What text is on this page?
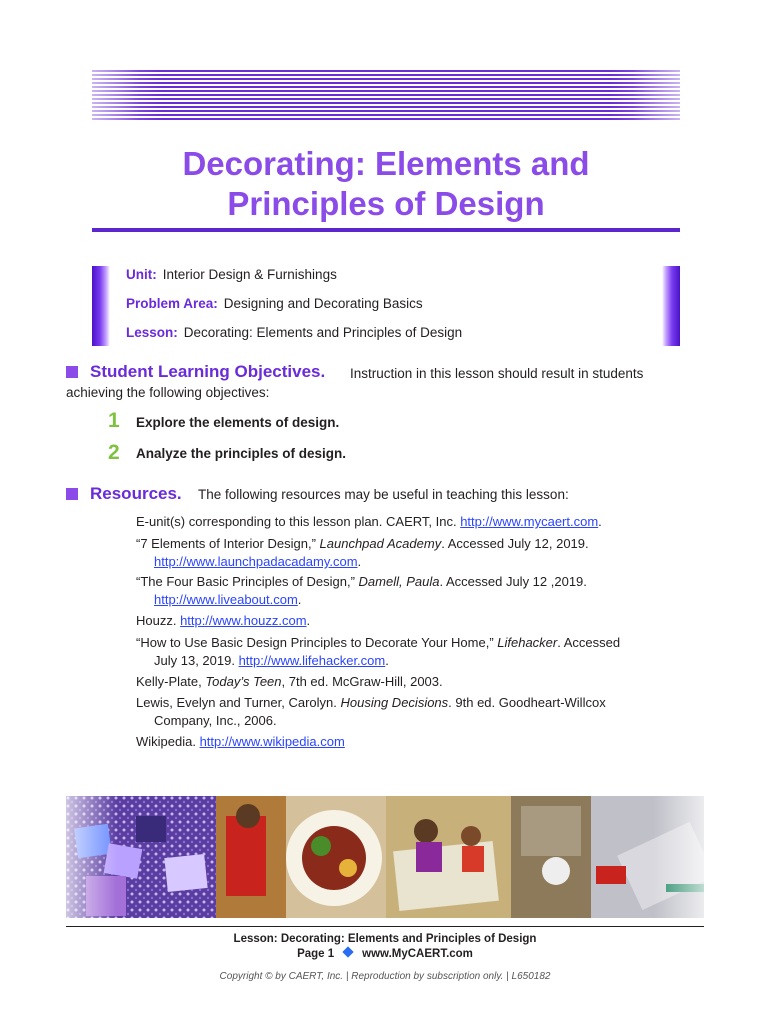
Decorating: Elements and
Principles of Design
Unit: Interior Design & Furnishings
Problem Area: Designing and Decorating Basics
Lesson: Decorating: Elements and Principles of Design
Student Learning Objectives. Instruction in this lesson should result in students
achieving the following objectives:
1 Explore the elements of design.
2 Analyze the principles of design.
Resources. The following resources may be useful in teaching this lesson:
E-unit(s) corresponding to this lesson plan. CAERT, Inc. http://www.mycaert.com.
“7 Elements of Interior Design,” Launchpad Academy. Accessed July 12, 2019.
http://www.launchpadacadamy.com.
“The Four Basic Principles of Design,” Damell, Paula. Accessed July 12 ,2019.
http://www.liveabout.com.
Houzz. http://www.houzz.com.
“How to Use Basic Design Principles to Decorate Your Home,” Lifehacker. Accessed
July 13, 2019. http://www.lifehacker.com.
Kelly-Plate, Today’s Teen, 7th ed. McGraw-Hill, 2003.
Lewis, Evelyn and Turner, Carolyn. Housing Decisions. 9th ed. Goodheart-Willcox
Company, Inc., 2006.
Wikipedia. http://www.wikipedia.com
Lesson: Decorating: Elements and Principles of Design
Page 1 www.MyCAERT.com
Copyright © by CAERT, Inc. | Reproduction by subscription only. | L650182
